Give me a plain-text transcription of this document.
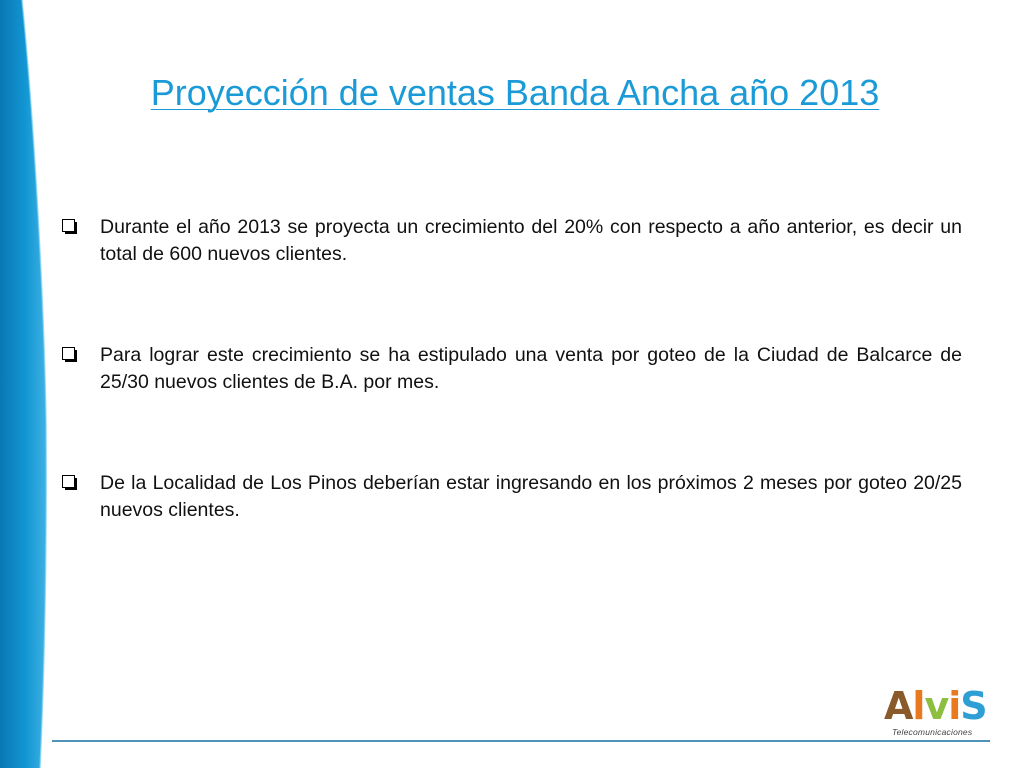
Proyección de ventas Banda Ancha año 2013
Durante el año 2013 se proyecta un crecimiento del 20% con respecto a año anterior, es decir un total de 600 nuevos clientes.
Para lograr este crecimiento se ha estipulado una venta por goteo de la Ciudad de Balcarce de 25/30 nuevos clientes de B.A. por mes.
De la Localidad de Los Pinos deberían estar ingresando en los próximos 2 meses por goteo 20/25 nuevos clientes.
A l v i S
Telecomunicaciones
